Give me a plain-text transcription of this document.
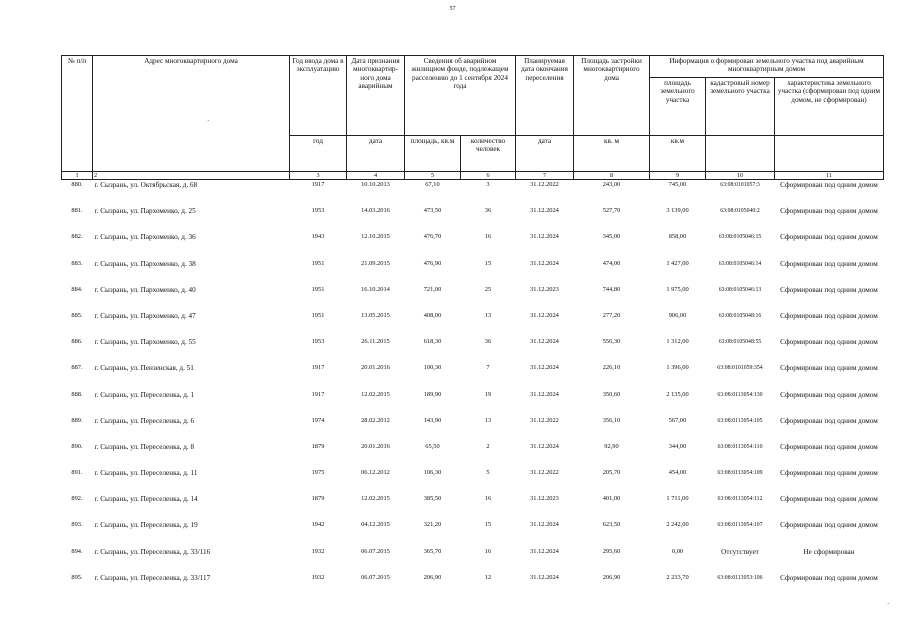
57
№ п/п	Адрес многоквартирного дома	Год ввода дома в эксплуатацию	Дата признания многоквартир-ного дома аварийным	Сведения об аварийном жилищном фонде, подлежащем расселению до 1 сентября 2024 года		Планируемая дата окончания переселения	Площадь застройки многоквартирного дома	Информация о формирован земельного участка под аварийным многоквартирным домом		
								площадь земельного участка	кадастровый номер земельного участка	характеристика земельного участка (сформирован под одним домом, не сформирован)
		год	дата	площадь, кв.м	количество человек	дата	кв. м	кв.м		
1	2	3	4	5	6	7	8	9	10	11
880.	г. Сызрань, ул. Октябрьская, д. 68	1917	10.10.2013	67,10	3	31.12.2022	243,00	745,00	63:08:0101057:3	Сформирован под одним домом
881.	г. Сызрань, ул. Пархоменко, д. 25	1953	14.03.2016	473,50	36	31.12.2024	527,70	3 139,00	63:08:0105040:2	Сформирован под одним домом
882.	г. Сызрань, ул. Пархоменко, д. 36	1943	12.10.2015	476,70	16	31.12.2024	345,00	858,00	63:08:0105046:15	Сформирован под одним домом
883.	г. Сызрань, ул. Пархоменко, д. 38	1951	21.09.2015	476,90	15	31.12.2024	474,00	1 427,00	63:08:0105046:14	Сформирован под одним домом
884.	г. Сызрань, ул. Пархоменко, д. 40	1951	16.10.2014	721,00	25	31.12.2023	744,80	1 975,00	63:08:0105046:13	Сформирован под одним домом
885.	г. Сызрань, ул. Пархоменко, д. 47	1951	13.05.2015	408,00	13	31.12.2024	277,20	906,00	63:08:0105048:16	Сформирован под одним домом
886.	г. Сызрань, ул. Пархоменко, д. 55	1953	26.11.2015	618,30	36	31.12.2024	556,30	1 312,00	63:08:0105048:55	Сформирован под одним домом
887.	г. Сызрань, ул. Пензенская, д. 51	1917	20.01.2016	100,30	7	31.12.2024	226,10	1 396,00	63:08:0101059:354	Сформирован под одним домом
888.	г. Сызрань, ул. Переселенка, д. 1	1917	12.02.2015	189,90	19	31.12.2024	350,60	2 135,00	63:08:0113054:130	Сформирован под одним домом
889.	г. Сызрань, ул. Переселенка, д. 6	1974	28.02.2012	143,90	13	31.12.2022	356,10	567,00	63:08:0113054:105	Сформирован под одним домом
890.	г. Сызрань, ул. Переселенка, д. 8	1879	20.01.2016	65,50	2	31.12.2024	92,90	344,00	63:08:0113054:110	Сформирован под одним домом
891.	г. Сызрань, ул. Переселенка, д. 11	1975	06.12.2012	106,30	5	31.12.2022	205,70	454,00	63:08:0113054:109	Сформирован под одним домом
892.	г. Сызрань, ул. Переселенка, д. 14	1879	12.02.2015	385,50	16	31.12.2023	401,00	1 711,00	63:08:0113054:112	Сформирован под одним домом
893.	г. Сызрань, ул. Переселенка, д. 19	1942	04.12.2015	321,20	15	31.12.2024	623,50	2 242,00	63:08:0113054:107	Сформирован под одним домом
894.	г. Сызрань, ул. Переселенка, д. 33/116	1932	06.07.2015	365,70	16	31.12.2024	295,60	0,00	Отсутствует	Не сформирован
895.	г. Сызрань, ул. Переселенка, д. 33/117	1932	06.07.2015	206,90	12	31.12.2024	206,90	2 233,70	63:08:0113053:106	Сформирован под одним домом
·
·
